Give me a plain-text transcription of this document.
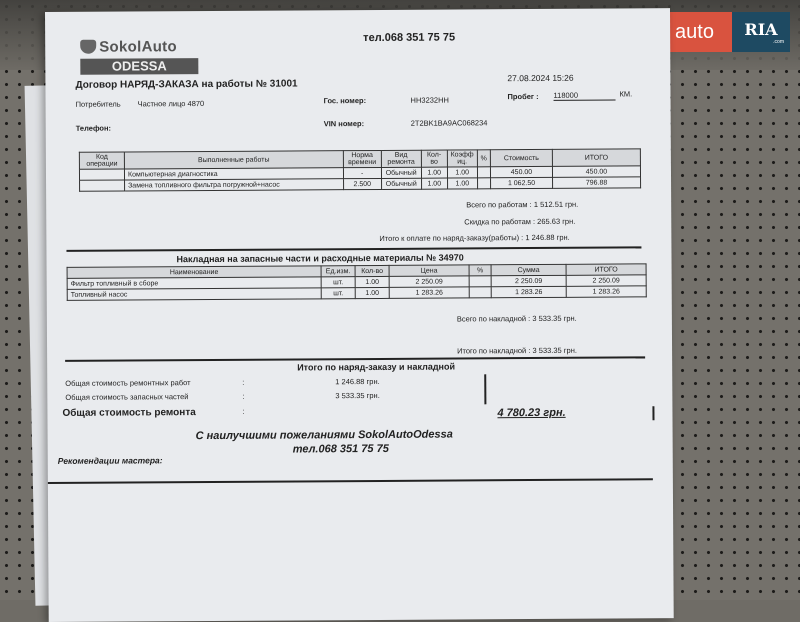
auto	RIA
.com
SokolAuto
ODESSA
тел.068 351 75 75
27.08.2024 15:26
Договор НАРЯД-ЗАКАЗА на работы № 31001
Потребитель Частное лицо 4870	Гос. номер:	HH3232HH	Пробег : 118000	КМ.
Телефон:	VIN номер:	2T2BK1BA9AC068234
Код операции	Выполненные работы	Норма времени	Вид ремонта	Кол-во	Коэфф иц.	%	Стоимость	ИТОГО
	Компьютерная диагностика	-	Обычный	1.00	1.00		450.00	450.00
	Замена топливного фильтра погружной+насос	2.500	Обычный	1.00	1.00		1 062.50	796.88
Всего по работам : 1 512.51 грн.
Скидка по работам : 265.63 грн.
Итого к оплате по наряд-заказу(работы) : 1 246.88 грн.
Накладная на запасные части и расходные материалы № 34970
Наименование	Ед.изм.	Кол-во	Цена	%	Сумма	ИТОГО
Фильтр топливный в сборе	шт.	1.00	2 250.09		2 250.09	2 250.09
Топливный насос	шт.	1.00	1 283.26		1 283.26	1 283.26
Всего по накладной : 3 533.35 грн.
Итого по накладной : 3 533.35 грн.
Итого по наряд-заказу и накладной
Общая стоимость ремонтных работ	:	1 246.88 грн.
Общая стоимость запасных частей	:	3 533.35 грн.
Общая стоимость ремонта	:	4 780.23 грн.
С наилучшими пожеланиями SokolAutoOdessa
тел.068 351 75 75
Рекомендации мастера:
